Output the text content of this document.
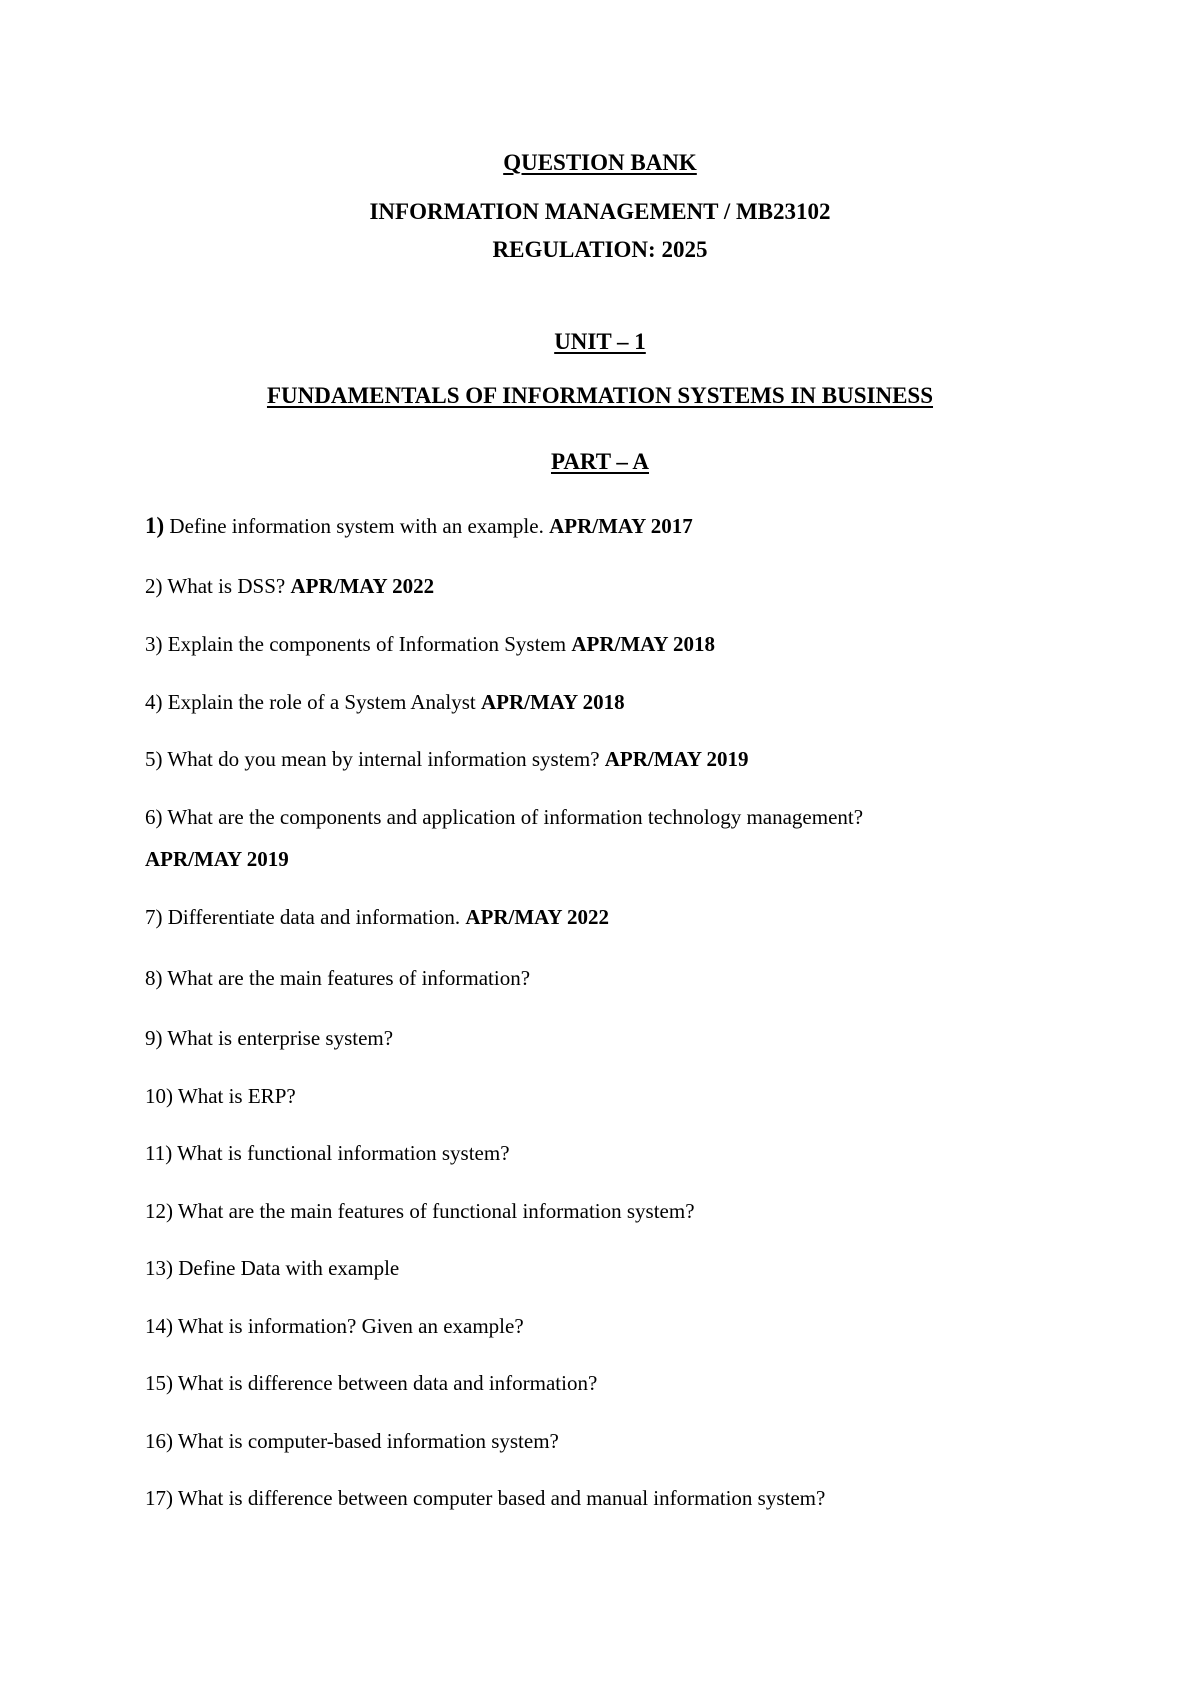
QUESTION BANK
INFORMATION MANAGEMENT / MB23102
REGULATION: 2025
UNIT – 1
FUNDAMENTALS OF INFORMATION SYSTEMS IN BUSINESS
PART – A
1) Define information system with an example. APR/MAY 2017
2) What is DSS? APR/MAY 2022
3) Explain the components of Information System APR/MAY 2018
4) Explain the role of a System Analyst APR/MAY 2018
5) What do you mean by internal information system? APR/MAY 2019
6) What are the components and application of information technology management?
APR/MAY 2019
7) Differentiate data and information. APR/MAY 2022
8) What are the main features of information?
9) What is enterprise system?
10) What is ERP?
11) What is functional information system?
12) What are the main features of functional information system?
13) Define Data with example
14) What is information? Given an example?
15) What is difference between data and information?
16) What is computer-based information system?
17) What is difference between computer based and manual information system?
